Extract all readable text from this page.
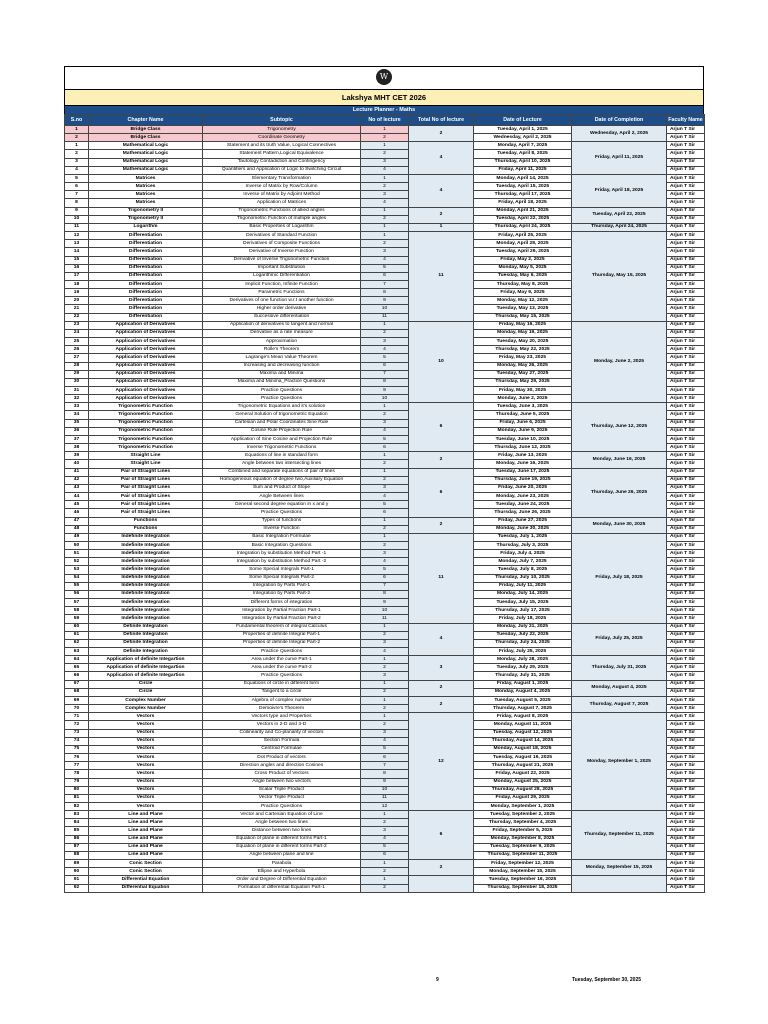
W
Lakshya MHT CET 2026
Lecture Planner - Maths
S.no	Chapter Name	Subtopic	No of lecture	Total No of lecture	Date of Lecture	Date of Completion	Faculty Name
1	Bridge Class	Trigonometry	1	2	Tuesday, April 1, 2025	Wednesday, April 2, 2025	Arjun T Sir
2	Bridge Class	Coordinate Geometry	2		Wednesday, April 2, 2025		Arjun T Sir
1	Mathematical Logic	Statement and its truth Value, Logical Connectives	1	4	Monday, April 7, 2025	Friday, April 11, 2025	Arjun T Sir
2	Mathematical Logic	Statement Pattern,Logical Equivalence	2		Tuesday, April 8, 2025		Arjun T Sir
3	Mathematical Logic	Tautology Contadiction and Contingency	3		Thursday, April 10, 2025		Arjun T Sir
4	Mathematical Logic	Quantifiers and Application of Logic to Switching Circuit	4		Friday, April 11, 2025		Arjun T Sir
5	Matrices	Elementary Transformation	1	4	Monday, April 14, 2025	Friday, April 18, 2025	Arjun T Sir
6	Matrices	Inverse of Matrix by Row/Column	2		Tuesday, April 15, 2025		Arjun T Sir
7	Matrices	Inverse of Matrix by Adjoint Method	3		Thursday, April 17, 2025		Arjun T Sir
8	Matrices	Application of Matrices	4		Friday, April 18, 2025		Arjun T Sir
9	Trigonometry II	Trigonometric Functions of allied angles	1	2	Monday, April 21, 2025	Tuesday, April 22, 2025	Arjun T Sir
10	Trigonometry II	Trigonometric Function of multiple angles	2		Tuesday, April 22, 2025		Arjun T Sir
11	Logarithm	Basic Properties of Logarithm	1	1	Thursday, April 24, 2025	Thursday, April 24, 2025	Arjun T Sir
12	Differentiation	Derivatives of Standard Function	1	11	Friday, April 25, 2025	Thursday, May 15, 2025	Arjun T Sir
13	Differentiation	Derivatives of Composite Functions	2		Monday, April 28, 2025		Arjun T Sir
14	Differentiation	Derivative of Inverse Function	3		Tuesday, April 29, 2025		Arjun T Sir
15	Differentiation	Derivative of Inverse Trigonometric Function	4		Friday, May 2, 2025		Arjun T Sir
16	Differentiation	Important Substitution	5		Monday, May 5, 2025		Arjun T Sir
17	Differentiation	Logarithmic Differentiation	6		Tuesday, May 6, 2025		Arjun T Sir
18	Differentiation	Implicit Function, Infinite Function	7		Thursday, May 8, 2025		Arjun T Sir
19	Differentiation	Parametric Functions	8		Friday, May 9, 2025		Arjun T Sir
20	Differentiation	Derivatives of one function w.r.t another function	9		Monday, May 12, 2025		Arjun T Sir
21	Differentiation	Higher order derivative	10		Tuesday, May 13, 2025		Arjun T Sir
22	Differentiation	Successive differentiation	11		Thursday, May 15, 2025		Arjun T Sir
23	Application of Derivatives	Application of derivatives to tangent and normal	1	10	Friday, May 16, 2025	Monday, June 2, 2025	Arjun T Sir
24	Application of Derivatives	Derivative as a rate measure	2		Monday, May 19, 2025		Arjun T Sir
25	Application of Derivatives	Approximation	3		Tuesday, May 20, 2025		Arjun T Sir
26	Application of Derivatives	Rolle's Theorem	4		Thursday, May 22, 2025		Arjun T Sir
27	Application of Derivatives	Lagrange's Mean Value Theorem	5		Friday, May 23, 2025		Arjun T Sir
28	Application of Derivatives	Increasing and decreasing function	6		Monday, May 26, 2025		Arjun T Sir
29	Application of Derivatives	Maxima and Minima	7		Tuesday, May 27, 2025		Arjun T Sir
30	Application of Derivatives	Maxima and Minima_Practice Questions	8		Thursday, May 29, 2025		Arjun T Sir
31	Application of Derivatives	Practice Questions	9		Friday, May 30, 2025		Arjun T Sir
32	Application of Derivatives	Practice Questions	10		Monday, June 2, 2025		Arjun T Sir
33	Trigonometric Function	Trigonometric Equations and it's solution	1	6	Tuesday, June 3, 2025	Thursday, June 12, 2025	Arjun T Sir
34	Trigonometric Function	General Solution of trigonometric Equation	2		Thursday, June 5, 2025		Arjun T Sir
35	Trigonometric Function	Cartesian and Polar Coordinates Sine Rule	3		Friday, June 6, 2025		Arjun T Sir
36	Trigonometric Function	Cosine Rule Projection Rule	4		Monday, June 9, 2025		Arjun T Sir
37	Trigonometric Function	Application of Sine Cosine and Projection Rule	5		Tuesday, June 10, 2025		Arjun T Sir
38	Trigonometric Function	Inverse Trigonometric Functions	6		Thursday, June 12, 2025		Arjun T Sir
39	Straight Line	Equations of line in standard form	1	2	Friday, June 13, 2025	Monday, June 16, 2025	Arjun T Sir
40	Straight Line	Angle between two intersecting lines	2		Monday, June 16, 2025		Arjun T Sir
41	Pair of Straight Lines	Combined and separate equations of pair of lines	1	6	Tuesday, June 17, 2025	Thursday, June 26, 2025	Arjun T Sir
42	Pair of Straight Lines	Homogeneous equation of degree two,Auxiliary Equation	2		Thursday, June 19, 2025		Arjun T Sir
43	Pair of Straight Lines	Sum and Product of Slope	3		Friday, June 20, 2025		Arjun T Sir
44	Pair of Straight Lines	Angle Between lines	4		Monday, June 23, 2025		Arjun T Sir
45	Pair of Straight Lines	General second degree equation in x and y	5		Tuesday, June 24, 2025		Arjun T Sir
46	Pair of Straight Lines	Practice Questions	6		Thursday, June 26, 2025		Arjun T Sir
47	Functions	Types of functions	1	2	Friday, June 27, 2025	Monday, June 30, 2025	Arjun T Sir
48	Functions	Inverse Function	2		Monday, June 30, 2025		Arjun T Sir
49	Indefinite Integration	Basic Integration Formulae	1	11	Tuesday, July 1, 2025	Friday, July 18, 2025	Arjun T Sir
50	Indefinite Integration	Basic Integration Questions	2		Thursday, July 3, 2025		Arjun T Sir
51	Indefinite Integration	Integration by substitution Method Part -1	3		Friday, July 4, 2025		Arjun T Sir
52	Indefinite Integration	Integration by substitution Method Part -2	4		Monday, July 7, 2025		Arjun T Sir
53	Indefinite Integration	Some Special Integrals Part-1	5		Tuesday, July 8, 2025		Arjun T Sir
54	Indefinite Integration	Some Special Integrals Part-2	6		Thursday, July 10, 2025		Arjun T Sir
55	Indefinite Integration	Integration by Parts Part-1	7		Friday, July 11, 2025		Arjun T Sir
56	Indefinite Integration	Integration by Parts Part-2	8		Monday, July 14, 2025		Arjun T Sir
57	Indefinite Integration	Different forms of integration	9		Tuesday, July 15, 2025		Arjun T Sir
58	Indefinite Integration	Integration by Partial Fraction Part-1	10		Thursday, July 17, 2025		Arjun T Sir
59	Indefinite Integration	Integration by Partial Fraction Part-2	11		Friday, July 18, 2025		Arjun T Sir
60	Definite Integration	Fundamental theorem of integral Calculus	1	4	Monday, July 21, 2025	Friday, July 25, 2025	Arjun T Sir
61	Definite Integration	Properties of definite Integral Part-1	2		Tuesday, July 22, 2025		Arjun T Sir
62	Definite Integration	Properties of definite Integral Part-2	3		Thursday, July 24, 2025		Arjun T Sir
63	Definite Integration	Practice Questions	4		Friday, July 25, 2025		Arjun T Sir
64	Application of definite Integartion	Area under the curve Part-1	1	3	Monday, July 28, 2025	Thursday, July 31, 2025	Arjun T Sir
65	Application of definite Integartion	Area under the curve Part-2	2		Tuesday, July 29, 2025		Arjun T Sir
66	Application of definite Integartion	Practice Questions	3		Thursday, July 31, 2025		Arjun T Sir
67	Circle	Equations of circle in different form	1	2	Friday, August 1, 2025	Monday, August 4, 2025	Arjun T Sir
68	Circle	Tangent to a circle	2		Monday, August 4, 2025		Arjun T Sir
69	Complex Number	Algebra of complex number	1	2	Tuesday, August 5, 2025	Thursday, August 7, 2025	Arjun T Sir
70	Complex Number	Demoivre's Theorem	2		Thursday, August 7, 2025		Arjun T Sir
71	Vectors	Vectors type and Properties	1	12	Friday, August 8, 2025	Monday, September 1, 2025	Arjun T Sir
72	Vectors	Vectors in 2-D and 3-D	2		Monday, August 11, 2025		Arjun T Sir
73	Vectors	Collinearity and Co-planarity of vectors	3		Tuesday, August 12, 2025		Arjun T Sir
74	Vectors	Section Formula	4		Thursday, August 14, 2025		Arjun T Sir
75	Vectors	Centroid Formulae	5		Monday, August 18, 2025		Arjun T Sir
76	Vectors	Dot Product of vectors	6		Tuesday, August 19, 2025		Arjun T Sir
77	Vectors	Direction angles and direction Cosines	7		Thursday, August 21, 2025		Arjun T Sir
78	Vectors	Cross Product of Vectors	8		Friday, August 22, 2025		Arjun T Sir
79	Vectors	Angle between two vectors	9		Monday, August 25, 2025		Arjun T Sir
80	Vectors	Scalar Triple Product	10		Thursday, August 28, 2025		Arjun T Sir
81	Vectors	Vector Triple Product	11		Friday, August 29, 2025		Arjun T Sir
82	Vectors	Practice Questions	12		Monday, September 1, 2025		Arjun T Sir
83	Line and Plane	Vector and Cartesian Equation of Line	1	6	Tuesday, September 2, 2025	Thursday, September 11, 2025	Arjun T Sir
84	Line and Plane	Angle between two lines	2		Thursday, September 4, 2025		Arjun T Sir
85	Line and Plane	Distance between two lines	3		Friday, September 5, 2025		Arjun T Sir
86	Line and Plane	Equation of plane in different forms Part-1	4		Monday, September 8, 2025		Arjun T Sir
87	Line and Plane	Equation of plane in different forms Part-2	5		Tuesday, September 9, 2025		Arjun T Sir
88	Line and Plane	Angle between plane and line	6		Thursday, September 11, 2025		Arjun T Sir
89	Conic Section	Parabola	1	2	Friday, September 12, 2025	Monday, September 15, 2025	Arjun T Sir
90	Conic Section	Ellipse and Hyperbola	2		Monday, September 15, 2025		Arjun T Sir
91	Differential Equation	Order and Degree of Differential Equation	1		Tuesday, September 16, 2025		Arjun T Sir
92	Differential Equation	Formation of differential Equation Part-1	2		Thursday, September 18, 2025		Arjun T Sir
9	Tuesday, September 30, 2025
